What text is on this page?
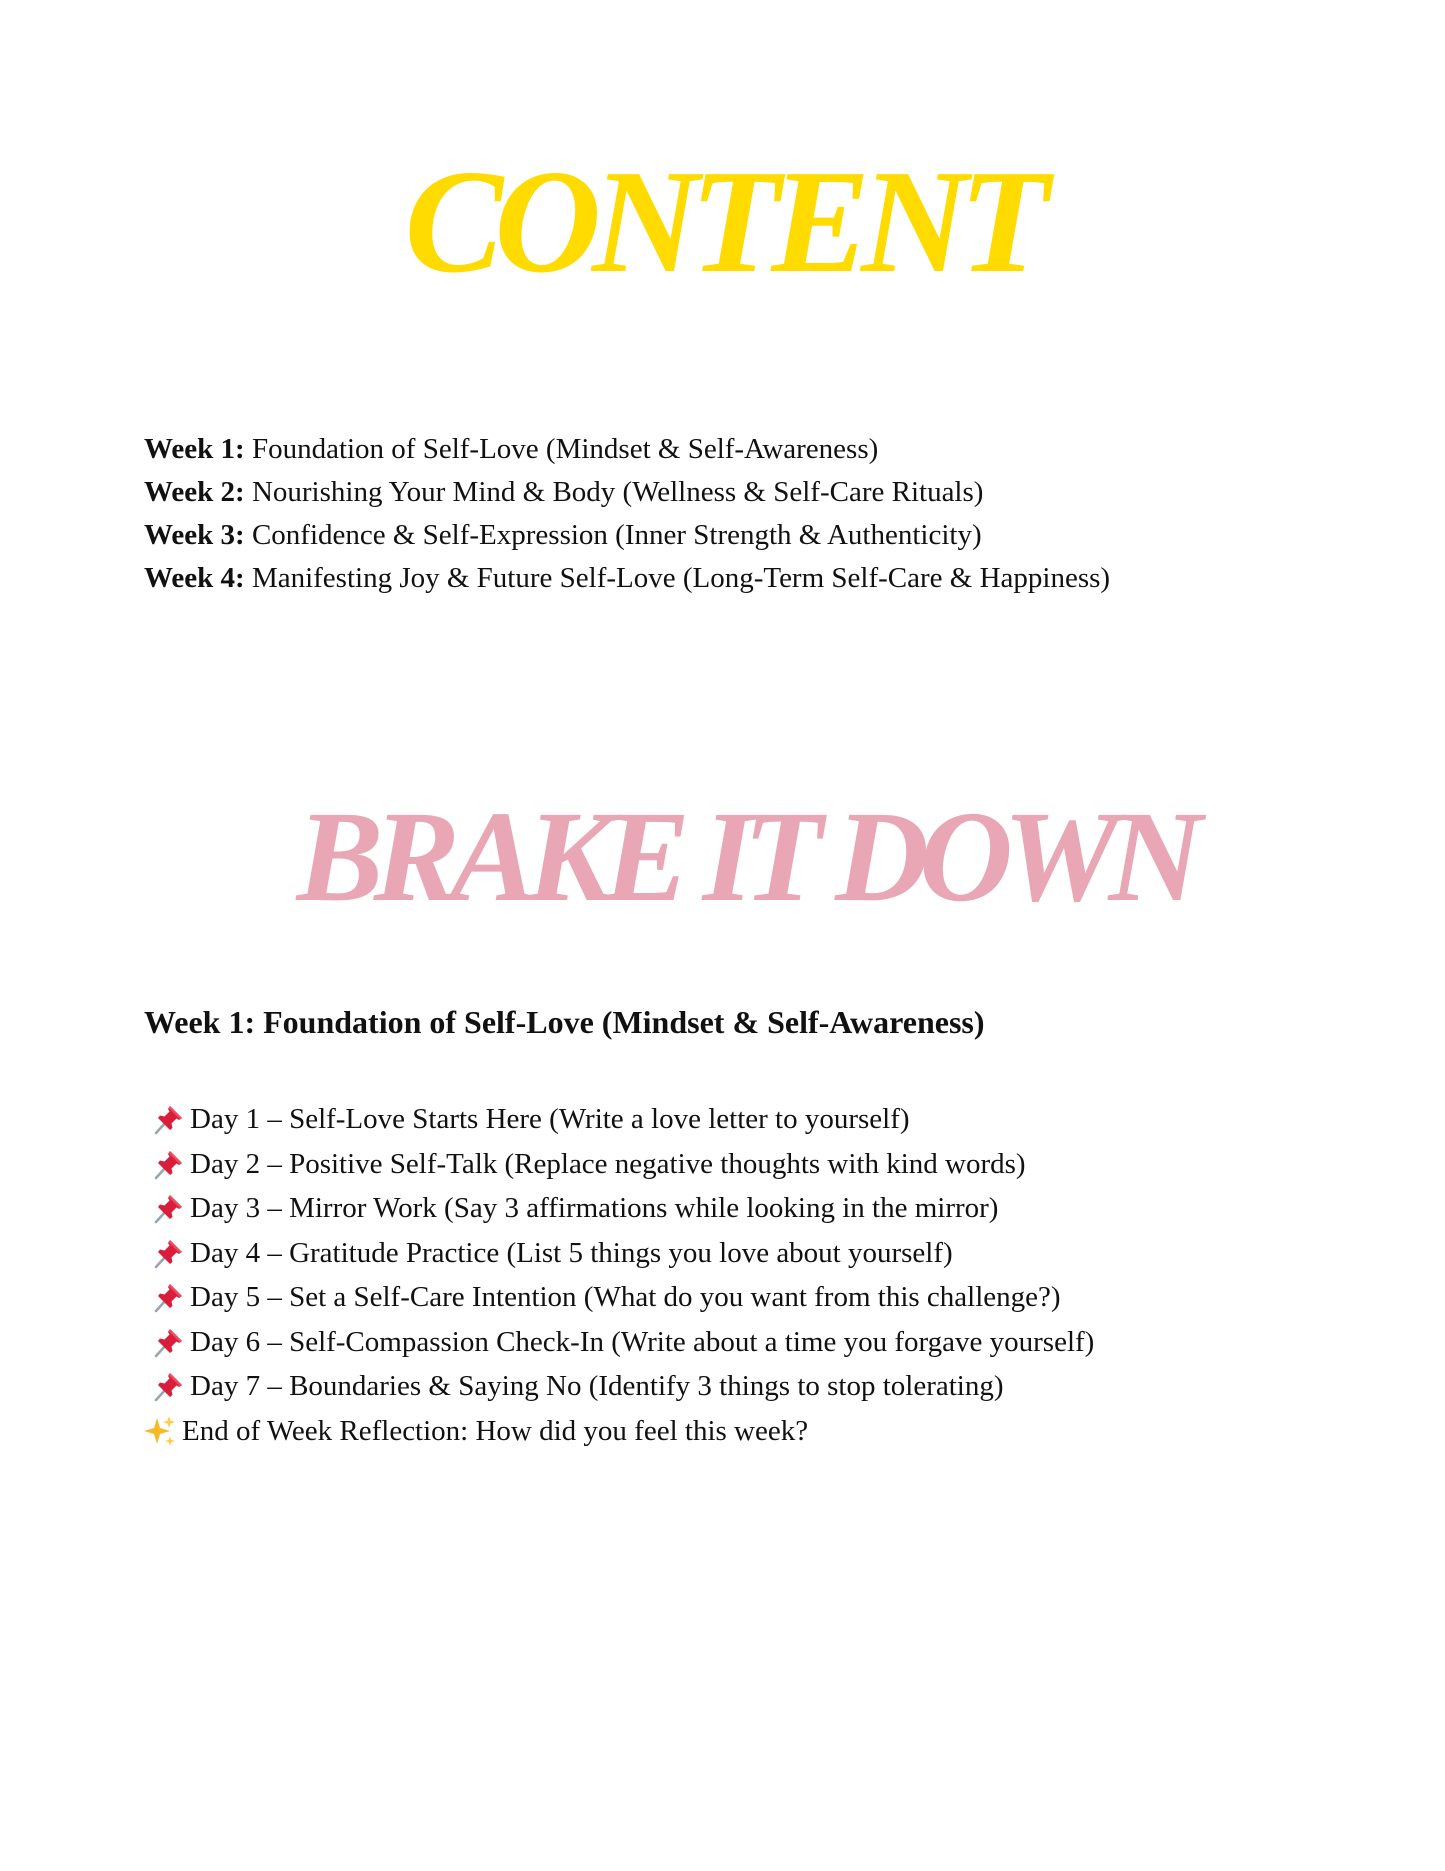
CONTENT
Week 1: Foundation of Self-Love (Mindset & Self-Awareness)
Week 2: Nourishing Your Mind & Body (Wellness & Self-Care Rituals)
Week 3: Confidence & Self-Expression (Inner Strength & Authenticity)
Week 4: Manifesting Joy & Future Self-Love (Long-Term Self-Care & Happiness)
BRAKE IT DOWN
Week 1: Foundation of Self-Love (Mindset & Self-Awareness)
Day 1 – Self-Love Starts Here (Write a love letter to yourself)
Day 2 – Positive Self-Talk (Replace negative thoughts with kind words)
Day 3 – Mirror Work (Say 3 affirmations while looking in the mirror)
Day 4 – Gratitude Practice (List 5 things you love about yourself)
Day 5 – Set a Self-Care Intention (What do you want from this challenge?)
Day 6 – Self-Compassion Check-In (Write about a time you forgave yourself)
Day 7 – Boundaries & Saying No (Identify 3 things to stop tolerating)
End of Week Reflection: How did you feel this week?
